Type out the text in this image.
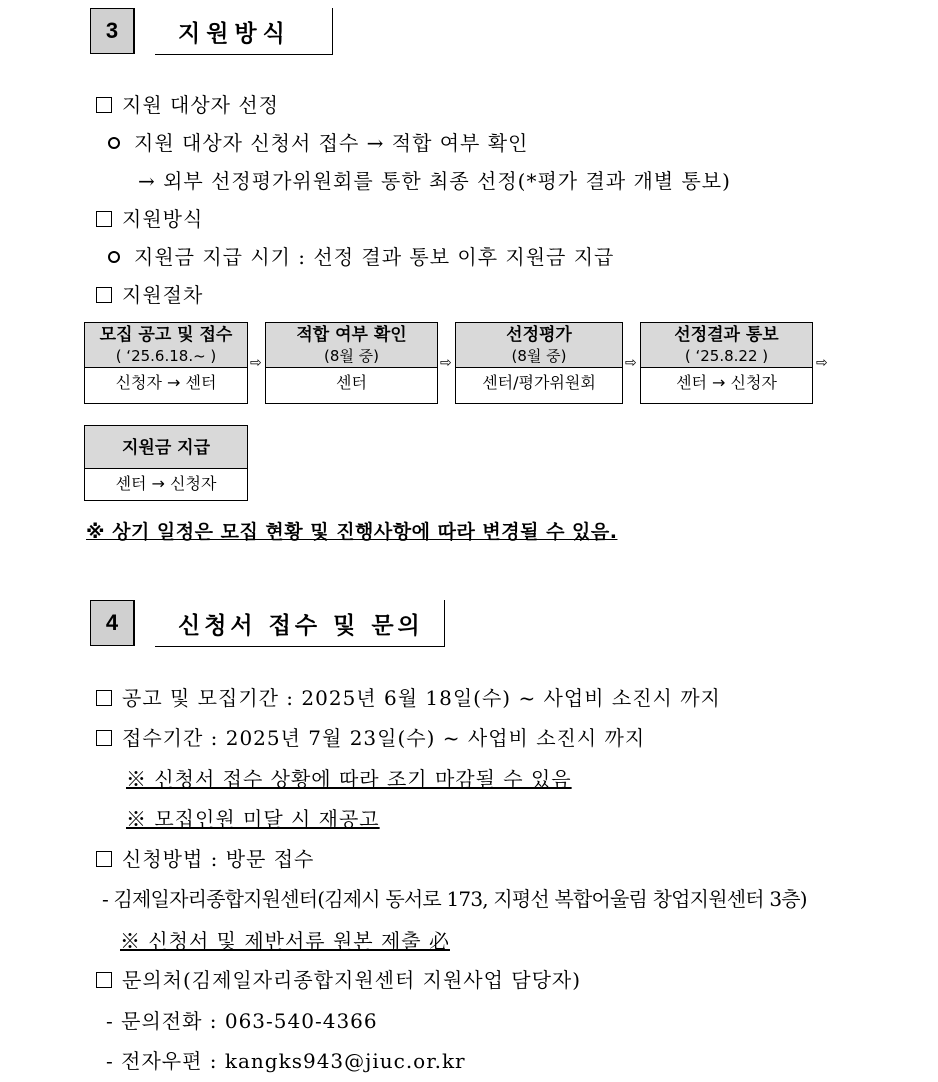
3	지원방식
지원 대상자 선정
지원 대상자 신청서 접수 → 적합 여부 확인
→ 외부 선정평가위원회를 통한 최종 선정(*평가 결과 개별 통보)
지원방식
지원금 지급 시기 : 선정 결과 통보 이후 지원금 지급
지원절차
모집 공고 및 접수
( ‘25.6.18.~ )
신청자 → 센터
⇨
적합 여부 확인
(8월 중)
센터
⇨
선정평가
(8월 중)
센터/평가위원회
⇨
선정결과 통보
( ‘25.8.22 )
센터 → 신청자
⇨
지원금 지급
센터 → 신청자
※ 상기 일정은 모집 현황 및 진행사항에 따라 변경될 수 있음.
4	신청서 접수 및 문의
공고 및 모집기간 : 2025년 6월 18일(수) ~ 사업비 소진시 까지
접수기간 : 2025년 7월 23일(수) ~ 사업비 소진시 까지
※ 신청서 접수 상황에 따라 조기 마감될 수 있음
※ 모집인원 미달 시 재공고
신청방법 : 방문 접수
- 김제일자리종합지원센터(김제시 동서로 173, 지평선 복합어울림 창업지원센터 3층)
※ 신청서 및 제반서류 원본 제출 必
문의처(김제일자리종합지원센터 지원사업 담당자)
- 문의전화 : 063-540-4366
- 전자우편 : kangks943@jiuc.or.kr
